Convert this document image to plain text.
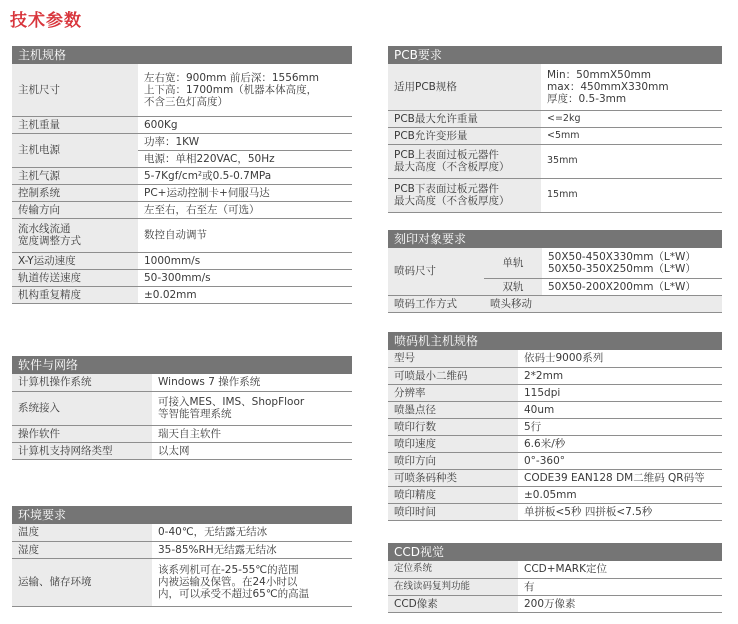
技术参数
主机规格	

主机尺寸	左右宽：900mm 前后深：1556mm
上下高：1700mm（机器本体高度，
不含三色灯高度）
主机重量	600Kg
主机电源	功率：1KW
	电源：单相220VAC，50Hz
主机气源	5-7Kgf/cm²或0.5-0.7MPa
控制系统	PC+运动控制卡+伺服马达
传输方向	左至右，右至左（可选）
流水线流通
宽度调整方式	数控自动调节
X-Y运动速度	1000mm/s
轨道传送速度	50-300mm/s
机构重复精度	±0.02mm
软件与网络	

计算机操作系统	Windows 7 操作系统
系统接入	可接入MES、IMS、ShopFloor
等智能管理系统
操作软件	瑞天自主软件
计算机支持网络类型	以太网
环境要求	

温度	0-40℃，无结露无结冰
湿度	35-85%RH无结露无结冰
运输、储存环境	该系列机可在-25-55℃的范围
内被运输及保管。在24小时以
内，可以承受不超过65℃的高温
PCB要求	

适用PCB规格	Min：50mmX50mm
max：450mmX330mm
厚度：0.5-3mm
PCB最大允许重量	<=2kg
PCB允许变形量	<5mm
PCB上表面过板元器件
最大高度（不含板厚度）	35mm
PCB下表面过板元器件
最大高度（不含板厚度）	15mm
刻印对象要求		

喷码尺寸	单轨	50X50-450X330mm（L*W）
50X50-350X250mm（L*W）
	双轨	50X50-200X200mm（L*W）
喷码工作方式	喷头移动	
喷码机主机规格	

型号	依码士9000系列
可喷最小二维码	2*2mm
分辨率	115dpi
喷墨点径	40um
喷印行数	5行
喷印速度	6.6米/秒
喷印方向	0°-360°
可喷条码种类	CODE39 EAN128 DM二维码 QR码等
喷印精度	±0.05mm
喷印时间	单拼板<5秒 四拼板<7.5秒
CCD视觉	

定位系统	CCD+MARK定位
在线读码复判功能	有
CCD像素	200万像素
